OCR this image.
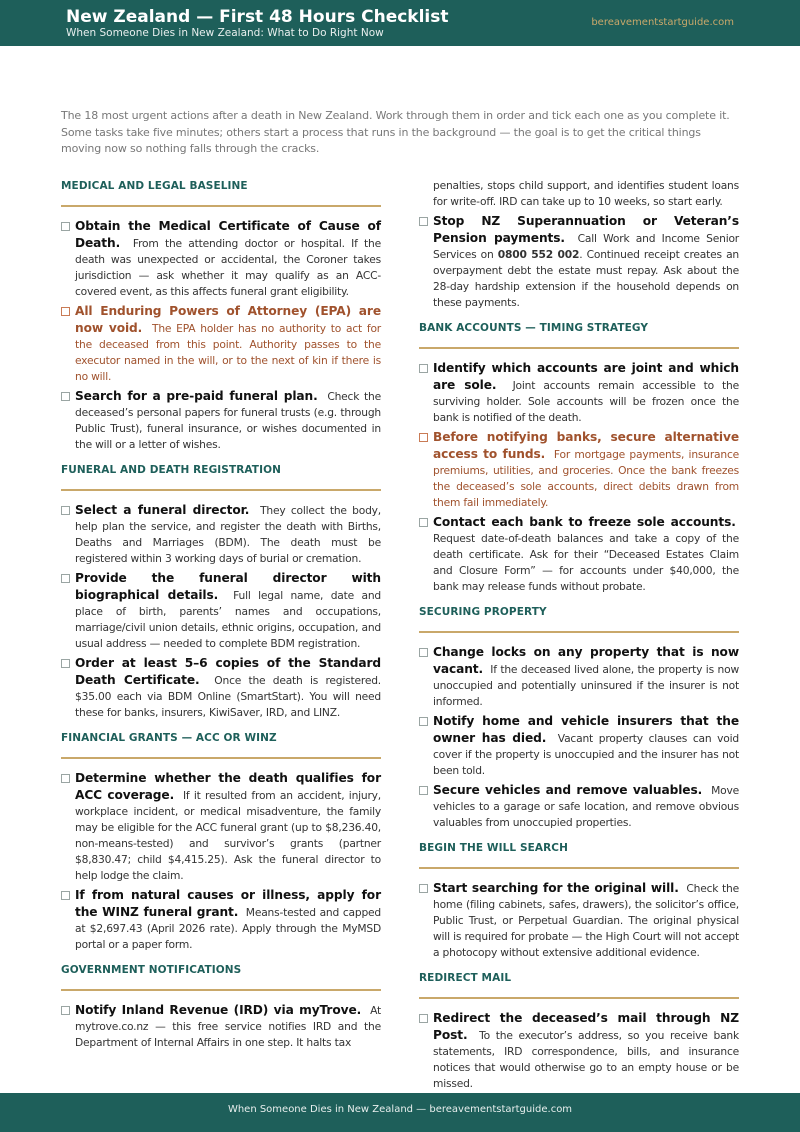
New Zealand — First 48 Hours Checklist
When Someone Dies in New Zealand: What to Do Right Now
bereavementstartguide.com
The 18 most urgent actions after a death in New Zealand. Work through them in order and tick each one as you complete it. Some tasks take five minutes; others start a process that runs in the background — the goal is to get the critical things moving now so nothing falls through the cracks.
MEDICAL AND LEGAL BASELINE
Obtain the Medical Certificate of Cause of Death. From the attending doctor or hospital. If the death was unexpected or accidental, the Coroner takes jurisdiction — ask whether it may qualify as an ACC-covered event, as this affects funeral grant eligibility.
All Enduring Powers of Attorney (EPA) are now void. The EPA holder has no authority to act for the deceased from this point. Authority passes to the executor named in the will, or to the next of kin if there is no will.
Search for a pre-paid funeral plan. Check the deceased’s personal papers for funeral trusts (e.g. through Public Trust), funeral insurance, or wishes documented in the will or a letter of wishes.
FUNERAL AND DEATH REGISTRATION
Select a funeral director. They collect the body, help plan the service, and register the death with Births, Deaths and Marriages (BDM). The death must be registered within 3 working days of burial or cremation.
Provide the funeral director with biographical details. Full legal name, date and place of birth, parents’ names and occupations, marriage/civil union details, ethnic origins, occupation, and usual address — needed to complete BDM registration.
Order at least 5–6 copies of the Standard Death Certificate. Once the death is registered. $35.00 each via BDM Online (SmartStart). You will need these for banks, insurers, KiwiSaver, IRD, and LINZ.
FINANCIAL GRANTS — ACC OR WINZ
Determine whether the death qualifies for ACC coverage. If it resulted from an accident, injury, workplace incident, or medical misadventure, the family may be eligible for the ACC funeral grant (up to $8,236.40, non-means-tested) and survivor’s grants (partner $8,830.47; child $4,415.25). Ask the funeral director to help lodge the claim.
If from natural causes or illness, apply for the WINZ funeral grant. Means-tested and capped at $2,697.43 (April 2026 rate). Apply through the MyMSD portal or a paper form.
GOVERNMENT NOTIFICATIONS
Notify Inland Revenue (IRD) via myTrove. At mytrove.co.nz — this free service notifies IRD and the Department of Internal Affairs in one step. It halts tax
penalties, stops child support, and identifies student loans for write-off. IRD can take up to 10 weeks, so start early.
Stop NZ Superannuation or Veteran’s Pension payments. Call Work and Income Senior Services on 0800 552 002. Continued receipt creates an overpayment debt the estate must repay. Ask about the 28-day hardship extension if the household depends on these payments.
BANK ACCOUNTS — TIMING STRATEGY
Identify which accounts are joint and which are sole. Joint accounts remain accessible to the surviving holder. Sole accounts will be frozen once the bank is notified of the death.
Before notifying banks, secure alternative access to funds. For mortgage payments, insurance premiums, utilities, and groceries. Once the bank freezes the deceased’s sole accounts, direct debits drawn from them fail immediately.
Contact each bank to freeze sole accounts.  Request date-of-death balances and take a copy of the death certificate. Ask for their “Deceased Estates Claim and Closure Form” — for accounts under $40,000, the bank may release funds without probate.
SECURING PROPERTY
Change locks on any property that is now vacant. If the deceased lived alone, the property is now unoccupied and potentially uninsured if the insurer is not informed.
Notify home and vehicle insurers that the owner has died. Vacant property clauses can void cover if the property is unoccupied and the insurer has not been told.
Secure vehicles and remove valuables. Move vehicles to a garage or safe location, and remove obvious valuables from unoccupied properties.
BEGIN THE WILL SEARCH
Start searching for the original will. Check the home (filing cabinets, safes, drawers), the solicitor’s office, Public Trust, or Perpetual Guardian. The original physical will is required for probate — the High Court will not accept a photocopy without extensive additional evidence.
REDIRECT MAIL
Redirect the deceased’s mail through NZ Post. To the executor’s address, so you receive bank statements, IRD correspondence, bills, and insurance notices that would otherwise go to an empty house or be missed.
When Someone Dies in New Zealand — bereavementstartguide.com
